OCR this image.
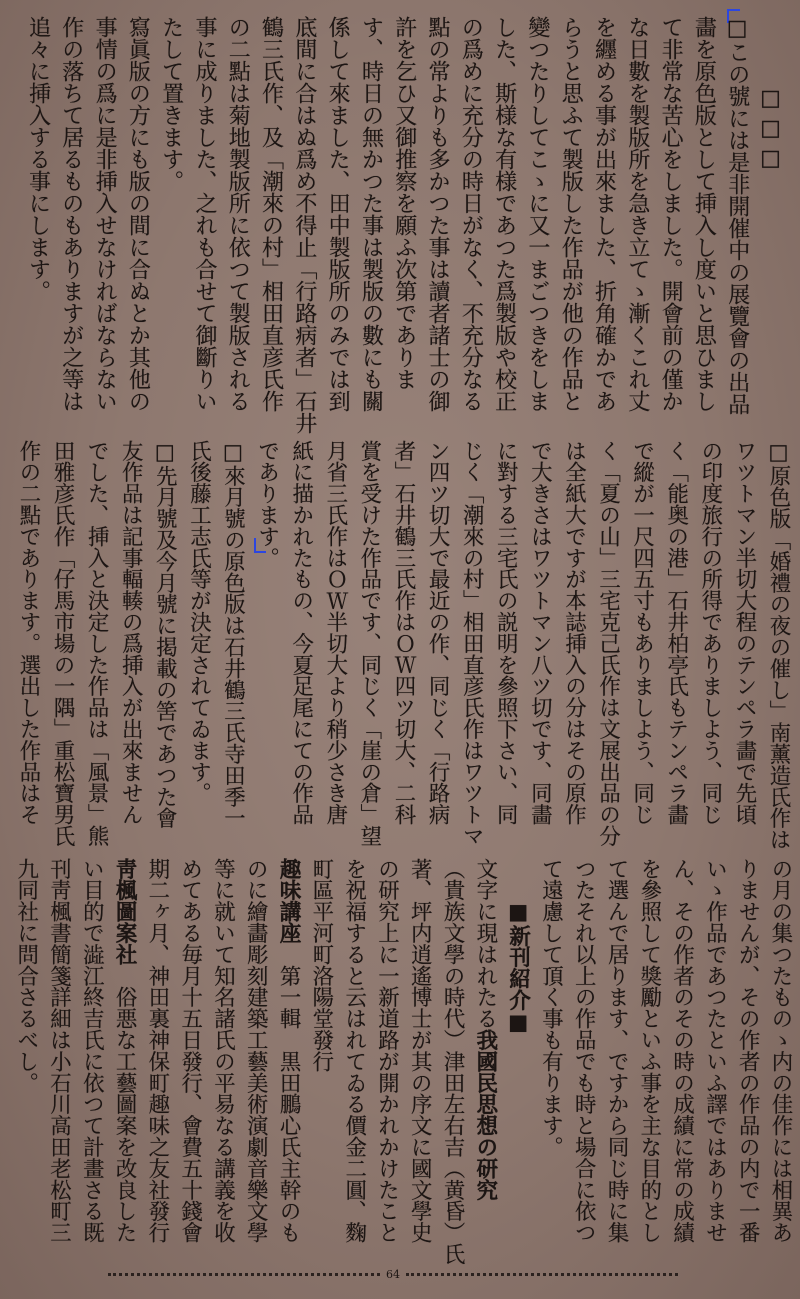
□□□
□この號には是非開催中の展覽會の出品
畵を原色版として挿入し度いと思ひまし
て非常な苦心をしました。開會前の僅か
な日數を製版所を急き立てゝ漸くこれ丈
を纒める事が出來ました、折角確かであ
らうと思ふて製版した作品が他の作品と
變つたりしてこゝに又一まごつきをしま
した、斯様な有様であつた爲製版や校正
の爲めに充分の時日がなく、不充分なる
點の常よりも多かつた事は讀者諸士の御
許を乞ひ又御推察を願ふ次第でありま
す、時日の無かつた事は製版の數にも關
係して來ました、田中製版所のみでは到
底間に合はぬ爲め不得止「行路病者」石井
鶴三氏作、及「潮來の村」相田直彦氏作
の二點は菊地製版所に依つて製版される
事に成りました、之れも合せて御斷りい
たして置きます。
寫眞版の方にも版の間に合ぬとか其他の
事情の爲に是非挿入せなければならない
作の落ちて居るものもありますが之等は
追々に挿入する事にします。
□原色版「婚禮の夜の催し」南薰造氏作は
ワツトマン半切大程のテンペラ畵で先頃
の印度旅行の所得でありましよう、同じ
く「能奥の港」石井柏亭氏もテンペラ畵
で縱が一尺四五寸もありましよう、同じ
く「夏の山」三宅克己氏作は文展出品の分
は全紙大ですが本誌挿入の分はその原作
で大きさはワツトマン八ツ切です、同畵
に對する三宅氏の説明を參照下さい、同
じく「潮來の村」相田直彦氏作はワツトマ
ン四ツ切大で最近の作、同じく「行路病
者」石井鶴三氏作はＯＷ四ツ切大、二科
賞を受けた作品です、同じく「崖の倉」望
月省三氏作はＯＷ半切大より稍少さき唐
紙に描かれたもの、今夏足尾にての作品
であります。
□來月號の原色版は石井鶴三氏寺田季一
氏後藤工志氏等が決定されてゐます。
□先月號及今月號に掲載の筈であつた會
友作品は記事輻輳の爲挿入が出來ません
でした、挿入と決定した作品は「風景」熊
田雅彦氏作「仔馬市場の一隅」重松寶男氏
作の二點であります。選出した作品はそ
の月の集つたものゝ内の佳作には相異あ
りませんが、その作者の作品の内で一番
いゝ作品であつたといふ譯ではありませ
ん、その作者のその時の成績に常の成績
を參照して獎勵といふ事を主な目的とし
て選んで居ります、ですから同じ時に集
つたそれ以上の作品でも時と場合に依つ
て遠慮して頂く事も有ります。
■新刊紹介■
文字に現はれたる我國民思想の研究
（貴族文學の時代）津田左右吉（黄昏）氏
著、坪内逍遙博士が其の序文に國文學史
の研究上に一新道路が開かれかけたこと
を祝福すると云はれてゐる價金二圓、麴
町區平河町洛陽堂發行
趣味講座　第一輯　黒田鵬心氏主幹のも
のに繪畵彫刻建築工藝美術演劇音樂文學
等に就いて知名諸氏の平易なる講義を收
めてある毎月十五日發行、會費五十錢會
期二ヶ月、神田裏神保町趣味之友社發行
靑楓圖案社　俗悪な工藝圖案を改良した
い目的で澁江終吉氏に依つて計畫さる既
刊靑楓書簡箋詳細は小石川高田老松町三
九同社に問合さるべし。
64
